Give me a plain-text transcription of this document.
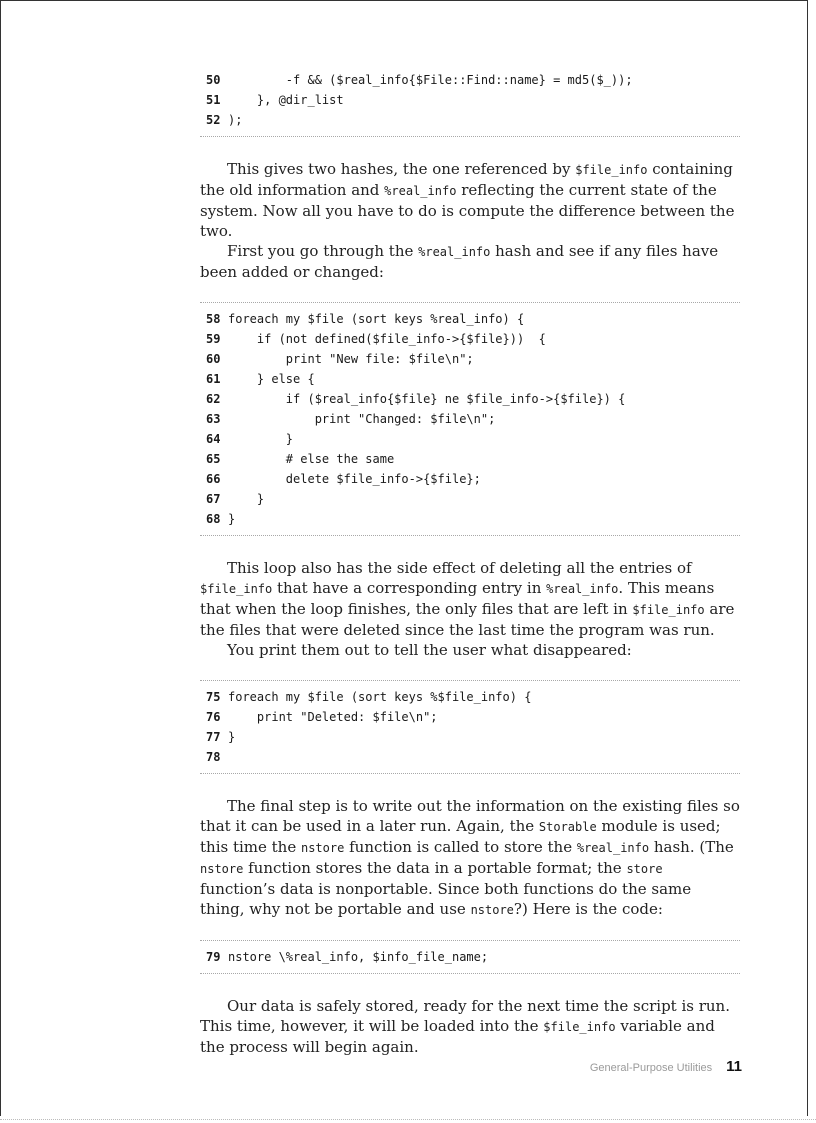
50        -f && ($real_info{$File::Find::name} = md5($_));
51    }, @dir_list
52 );

This gives two hashes, the one referenced by $file_info containing the old information and %real_info reflecting the current state of the system. Now all you have to do is compute the difference between the two.

First you go through the %real_info hash and see if any files have been added or changed:

58 foreach my $file (sort keys %real_info) {
59    if (not defined($file_info->{$file}))  {
60        print "New file: $file\n";
61    } else {
62        if ($real_info{$file} ne $file_info->{$file}) {
63            print "Changed: $file\n";
64        }
65        # else the same
66        delete $file_info->{$file};
67    }
68 }

This loop also has the side effect of deleting all the entries of $file_info that have a corresponding entry in %real_info. This means that when the loop finishes, the only files that are left in $file_info are the files that were deleted since the last time the program was run.

You print them out to tell the user what disappeared:

75 foreach my $file (sort keys %$file_info) {
76    print "Deleted: $file\n";
77 }
78

The final step is to write out the information on the existing files so that it can be used in a later run. Again, the Storable module is used; this time the nstore function is called to store the %real_info hash. (The nstore function stores the data in a portable format; the store function’s data is nonportable. Since both functions do the same thing, why not be portable and use nstore?) Here is the code:

79 nstore \%real_info, $info_file_name;

Our data is safely stored, ready for the next time the script is run. This time, however, it will be loaded into the $file_info variable and the process will begin again.

General-Purpose Utilities 11
